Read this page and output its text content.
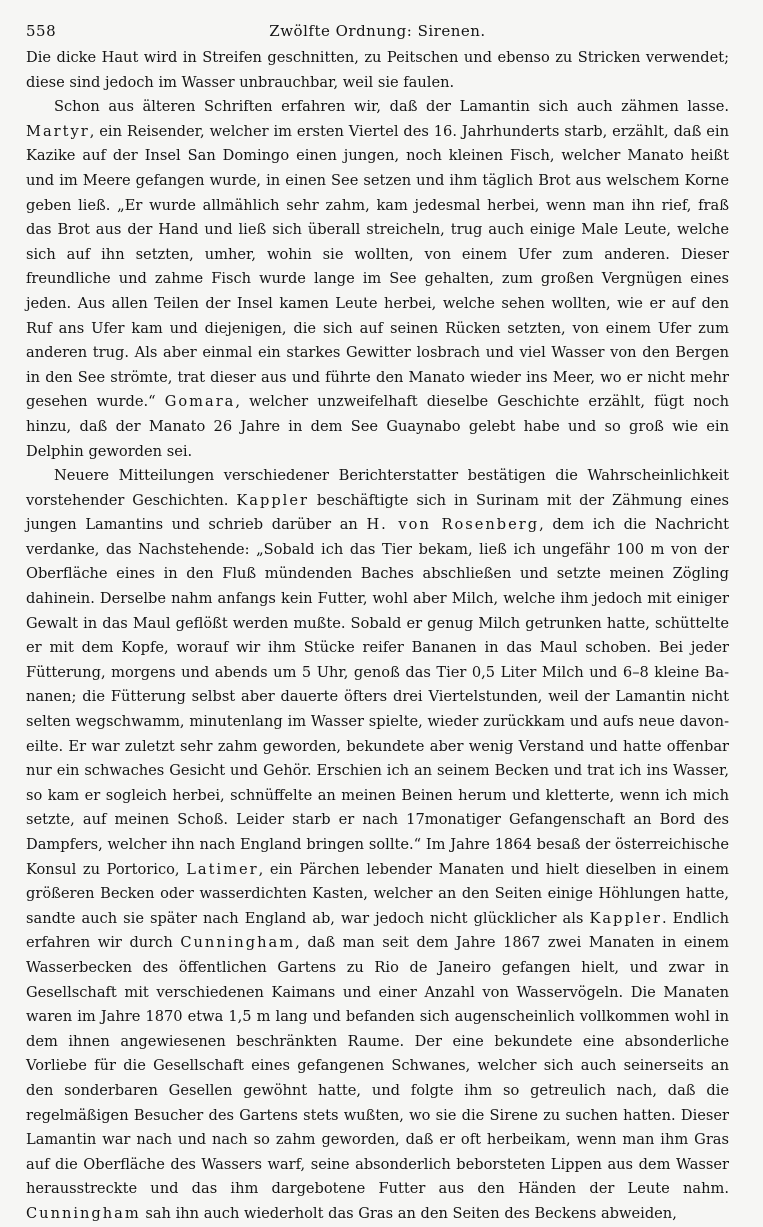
558	Zwölfte Ordnung: Sirenen.

Die dicke Haut wird in Streifen geschnitten, zu Peitschen und ebenso zu Stricken verwendet; diese sind jedoch im Wasser unbrauchbar, weil sie faulen.

Schon aus älteren Schriften erfahren wir, daß der Lamantin sich auch zähmen lasse. Martyr, ein Reisender, welcher im ersten Viertel des 16. Jahrhunderts starb, erzählt, daß ein Kazike auf der Insel San Domingo einen jungen, noch kleinen Fisch, welcher Manato heißt und im Meere gefangen wurde, in einen See setzen und ihm täglich Brot aus welschem Korne geben ließ. „Er wurde allmählich sehr zahm, kam jedesmal herbei, wenn man ihn rief, fraß das Brot aus der Hand und ließ sich überall streicheln, trug auch einige Male Leute, welche sich auf ihn setzten, umher, wohin sie wollten, von einem Ufer zum anderen. Dieser freundliche und zahme Fisch wurde lange im See gehalten, zum großen Vergnügen eines jeden. Aus allen Teilen der Insel kamen Leute herbei, welche sehen wollten, wie er auf den Ruf ans Ufer kam und diejenigen, die sich auf seinen Rücken setzten, von einem Ufer zum anderen trug. Als aber einmal ein starkes Gewitter losbrach und viel Wasser von den Bergen in den See strömte, trat dieser aus und führte den Manato wieder ins Meer, wo er nicht mehr gesehen wurde.“ Gomara, welcher unzweifelhaft dieselbe Geschichte erzählt, fügt noch hinzu, daß der Manato 26 Jahre in dem See Guaynabo gelebt habe und so groß wie ein Delphin geworden sei.

Neuere Mitteilungen verschiedener Berichterstatter bestätigen die Wahrscheinlichkeit vorstehender Geschichten. Kappler beschäftigte sich in Surinam mit der Zähmung eines jungen Lamantins und schrieb darüber an H. von Rosenberg, dem ich die Nachricht verdanke, das Nachstehende: „Sobald ich das Tier bekam, ließ ich ungefähr 100 m von der Oberfläche eines in den Fluß mündenden Baches abschließen und setzte meinen Zögling dahinein. Derselbe nahm anfangs kein Futter, wohl aber Milch, welche ihm jedoch mit einiger Gewalt in das Maul geflößt werden mußte. Sobald er genug Milch getrunken hatte, schüttelte er mit dem Kopfe, worauf wir ihm Stücke reifer Bananen in das Maul schoben. Bei jeder Fütterung, morgens und abends um 5 Uhr, genoß das Tier 0,5 Liter Milch und 6–8 kleine Bananen; die Fütterung selbst aber dauerte öfters drei Viertelstunden, weil der Lamantin nicht selten wegschwamm, minutenlang im Wasser spielte, wieder zurückkam und aufs neue davoneilte. Er war zuletzt sehr zahm geworden, bekundete aber wenig Verstand und hatte offenbar nur ein schwaches Gesicht und Gehör. Erschien ich an seinem Becken und trat ich ins Wasser, so kam er sogleich herbei, schnüffelte an meinen Beinen herum und kletterte, wenn ich mich setzte, auf meinen Schoß. Leider starb er nach 17monatiger Gefangenschaft an Bord des Dampfers, welcher ihn nach England bringen sollte.“ Im Jahre 1864 besaß der österreichische Konsul zu Portorico, Latimer, ein Pärchen lebender Manaten und hielt dieselben in einem größeren Becken oder wasserdichten Kasten, welcher an den Seiten einige Höhlungen hatte, sandte auch sie später nach England ab, war jedoch nicht glücklicher als Kappler. Endlich erfahren wir durch Cunningham, daß man seit dem Jahre 1867 zwei Manaten in einem Wasserbecken des öffentlichen Gartens zu Rio de Janeiro gefangen hielt, und zwar in Gesellschaft mit verschiedenen Kaimans und einer Anzahl von Wasservögeln. Die Manaten waren im Jahre 1870 etwa 1,5 m lang und befanden sich augenscheinlich vollkommen wohl in dem ihnen angewiesenen beschränkten Raume. Der eine bekundete eine absonderliche Vorliebe für die Gesellschaft eines gefangenen Schwanes, welcher sich auch seinerseits an den sonderbaren Gesellen gewöhnt hatte, und folgte ihm so getreulich nach, daß die regelmäßigen Besucher des Gartens stets wußten, wo sie die Sirene zu suchen hatten. Dieser Lamantin war nach und nach so zahm geworden, daß er oft herbeikam, wenn man ihm Gras auf die Oberfläche des Wassers warf, seine absonderlich beborsteten Lippen aus dem Wasser herausstreckte und das ihm dargebotene Futter aus den Händen der Leute nahm. Cunningham sah ihn auch wiederholt das Gras an den Seiten des Beckens abweiden,
